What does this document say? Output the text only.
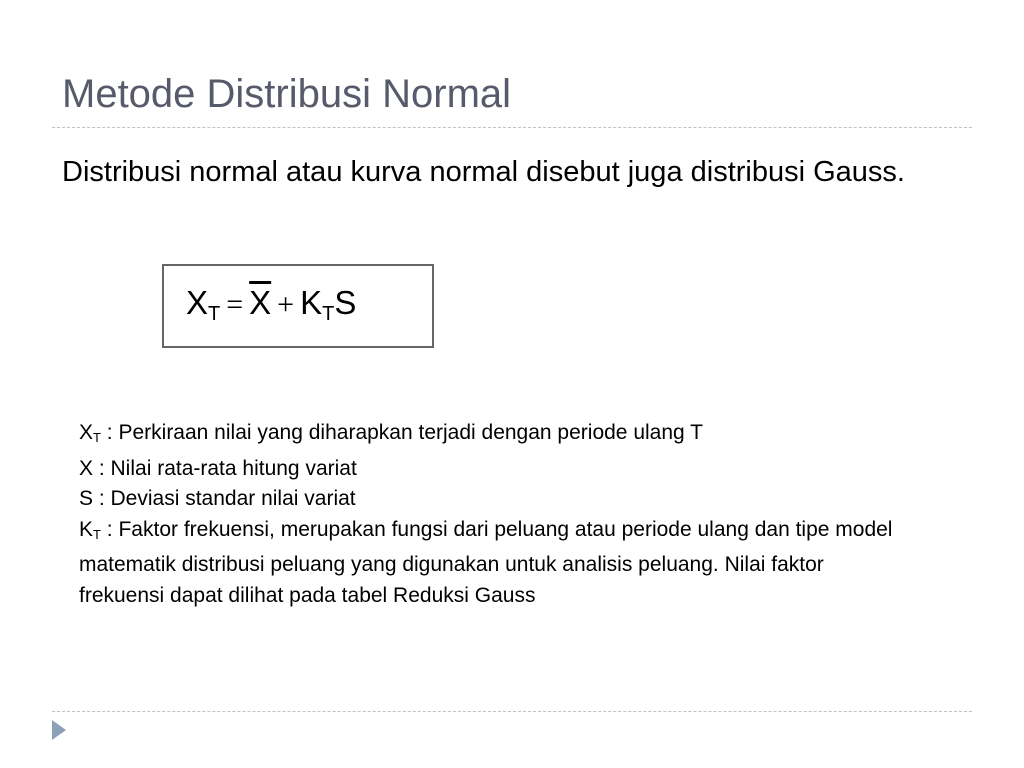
Metode Distribusi Normal
Distribusi normal atau kurva normal disebut juga distribusi Gauss.
$X_T = \overline{X} + K_TS$

$X_T$ : Perkiraan nilai yang diharapkan terjadi dengan periode ulang T

X : Nilai rata-rata hitung variat

S : Deviasi standar nilai variat

$K_T$ : Faktor frekuensi, merupakan fungsi dari peluang atau periode ulang dan tipe model matematik distribusi peluang yang digunakan untuk analisis peluang. Nilai faktor frekuensi dapat dilihat pada tabel Reduksi Gauss
